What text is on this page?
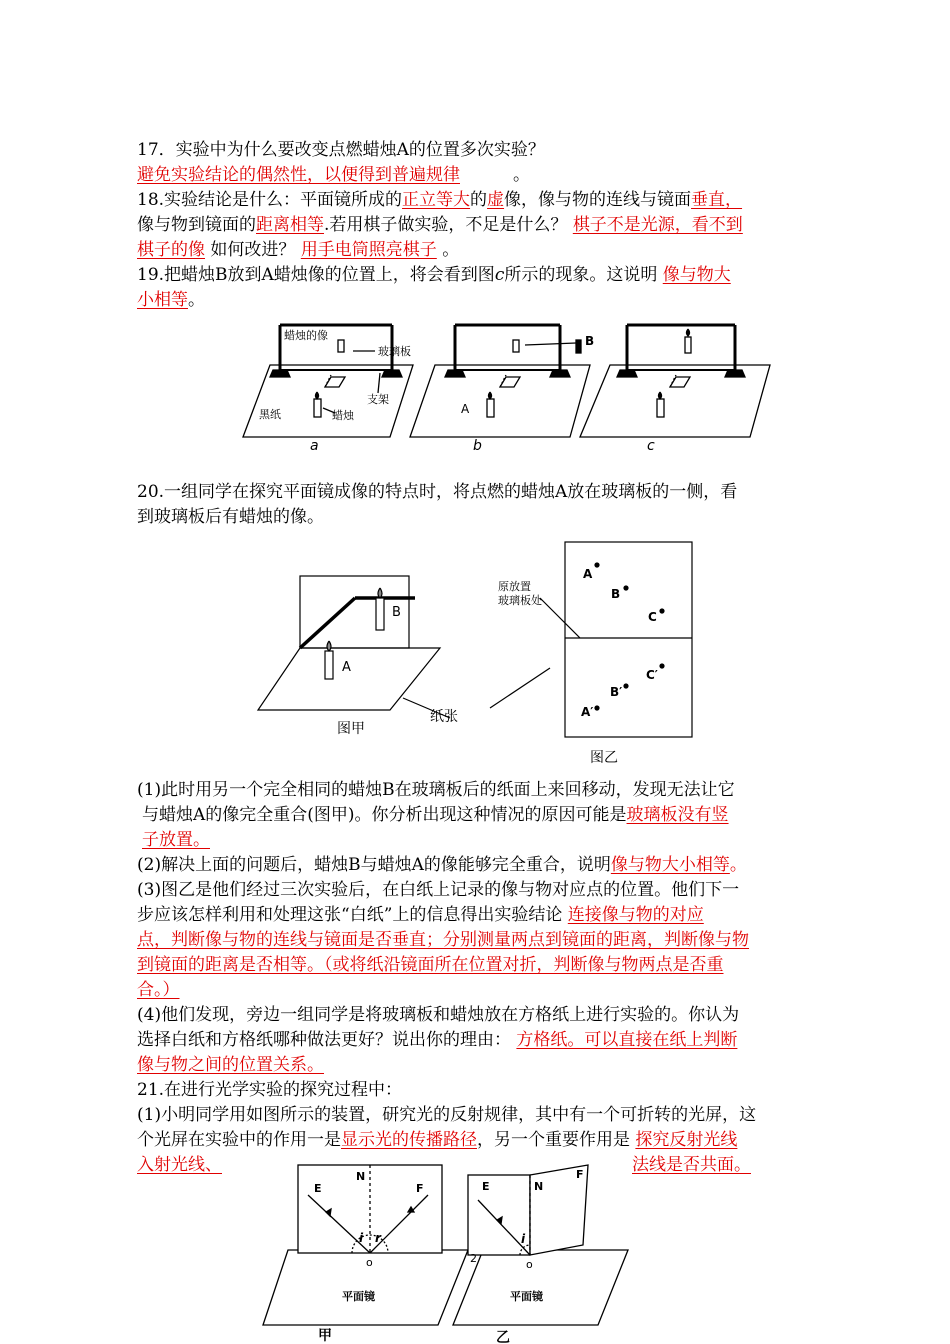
17．实验中为什么要改变点燃蜡烛A的位置多次实验？
避免实验结论的偶然性，以便得到普遍规律	。
18.实验结论是什么：平面镜所成的正立等大的虚像，像与物的连线与镜面垂直，
像与物到镜面的距离相等.若用棋子做实验，不足是什么？ 棋子不是光源，看不到
棋子的像 如何改进？ 用手电筒照亮棋子 。
19.把蜡烛B放到A蜡烛像的位置上，将会看到图c所示的现象。这说明 像与物大
小相等。
蜡烛的像
玻璃板
支架
黑纸	蜡烛
a
B
A
b	c
20.一组同学在探究平面镜成像的特点时，将点燃的蜡烛A放在玻璃板的一侧，看
到玻璃板后有蜡烛的像。
B
A
纸张
图甲
原放置
玻璃板处
A
B
C
A′
B′
C′
图乙
(1)此时用另一个完全相同的蜡烛B在玻璃板后的纸面上来回移动，发现无法让它
与蜡烛A的像完全重合(图甲)。你分析出现这种情况的原因可能是玻璃板没有竖
子放置。
(2)解决上面的问题后，蜡烛B与蜡烛A的像能够完全重合，说明像与物大小相等。
(3)图乙是他们经过三次实验后，在白纸上记录的像与物对应点的位置。他们下一
步应该怎样利用和处理这张“白纸”上的信息得出实验结论 连接像与物的对应
点，判断像与物的连线与镜面是否垂直；分别测量两点到镜面的距离，判断像与物
到镜面的距离是否相等。（或将纸沿镜面所在位置对折，判断像与物两点是否重
合。）
(4)他们发现，旁边一组同学是将玻璃板和蜡烛放在方格纸上进行实验的。你认为
选择白纸和方格纸哪种做法更好？说出你的理由： 方格纸。可以直接在纸上判断
像与物之间的位置关系。
21.在进行光学实验的探究过程中：
(1)小明同学用如图所示的装置，研究光的反射规律，其中有一个可折转的光屏，这
个光屏在实验中的作用一是显示光的传播路径，另一个重要作用是 探究反射光线
入射光线、	法线是否共面。
E
N
F
i r
o
平面镜
甲
E	N
F
i
o
2
平面镜
乙
